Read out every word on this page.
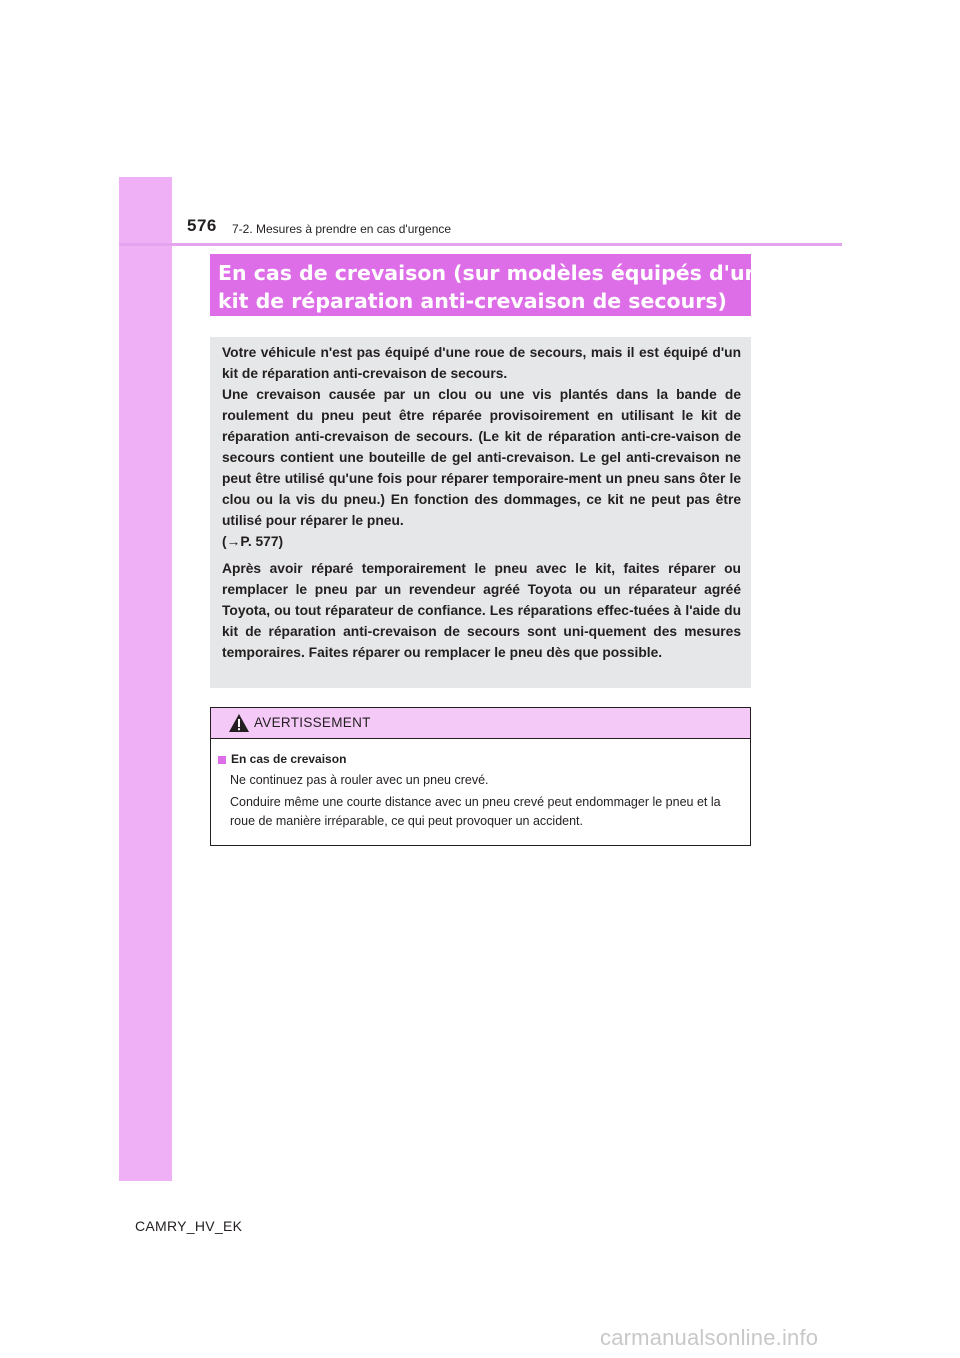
576 7-2. Mesures à prendre en cas d'urgence
En cas de crevaison (sur modèles équipés d'un
kit de réparation anti-crevaison de secours)

Votre véhicule n'est pas équipé d'une roue de secours, mais il est équipé d'un kit de réparation anti-crevaison de secours.

Une crevaison causée par un clou ou une vis plantés dans la bande de roulement du pneu peut être réparée provisoirement en utilisant le kit de réparation anti-crevaison de secours. (Le kit de réparation anti-cre-vaison de secours contient une bouteille de gel anti-crevaison. Le gel anti-crevaison ne peut être utilisé qu'une fois pour réparer temporaire-ment un pneu sans ôter le clou ou la vis du pneu.) En fonction des dommages, ce kit ne peut pas être utilisé pour réparer le pneu.

(→P. 577)

Après avoir réparé temporairement le pneu avec le kit, faites réparer ou remplacer le pneu par un revendeur agréé Toyota ou un réparateur agréé Toyota, ou tout réparateur de confiance. Les réparations effec-tuées à l'aide du kit de réparation anti-crevaison de secours sont uni-quement des mesures temporaires. Faites réparer ou remplacer le pneu dès que possible.

AVERTISSEMENT
En cas de crevaison

Ne continuez pas à rouler avec un pneu crevé.

Conduire même une courte distance avec un pneu crevé peut endommager le pneu et la roue de manière irréparable, ce qui peut provoquer un accident.

CAMRY_HV_EK
carmanualsonline.info
